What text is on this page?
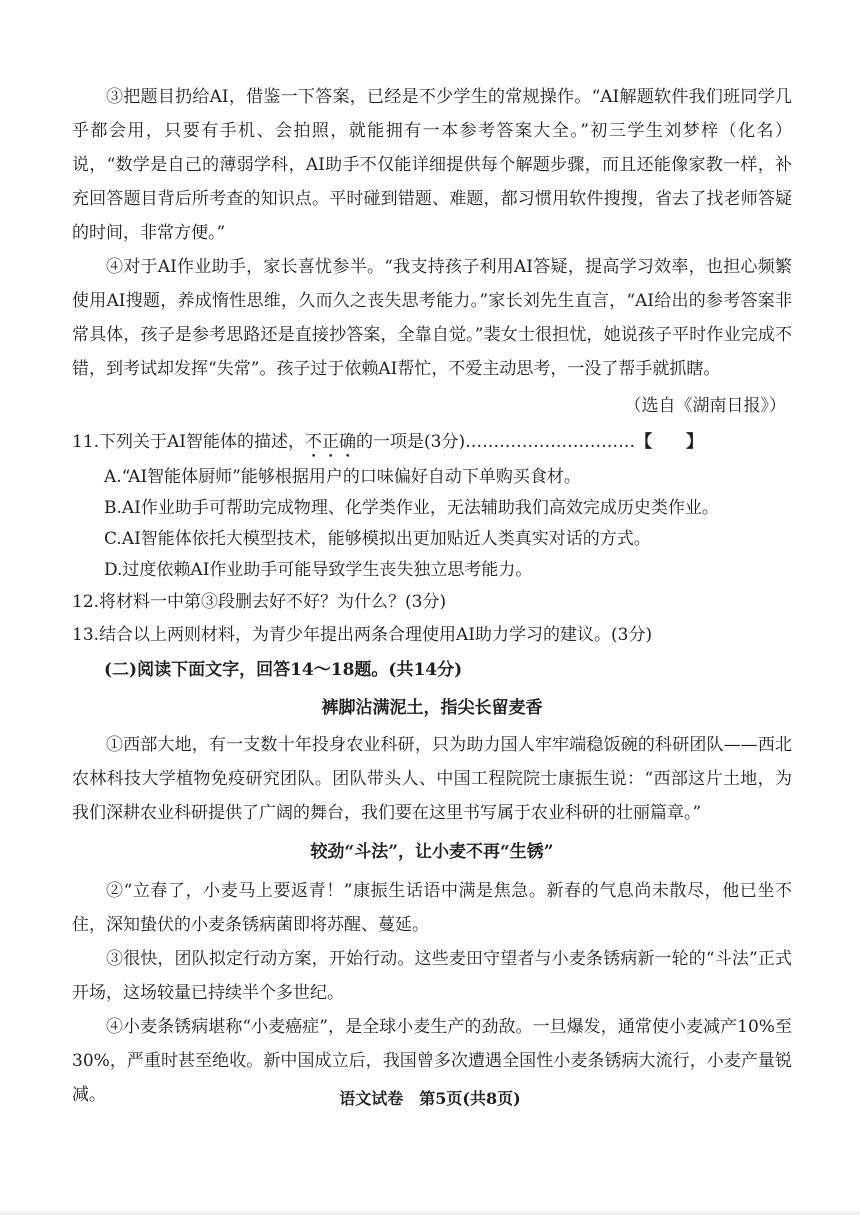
③把题目扔给AI，借鉴一下答案，已经是不少学生的常规操作。“AI解题软件我们班同学几乎都会用，只要有手机、会拍照，就能拥有一本参考答案大全。”初三学生刘梦梓（化名）说，“数学是自己的薄弱学科，AI助手不仅能详细提供每个解题步骤，而且还能像家教一样，补充回答题目背后所考查的知识点。平时碰到错题、难题，都习惯用软件搜搜，省去了找老师答疑的时间，非常方便。”

④对于AI作业助手，家长喜忧参半。“我支持孩子利用AI答疑，提高学习效率，也担心频繁使用AI搜题，养成惰性思维，久而久之丧失思考能力。”家长刘先生直言，“AI给出的参考答案非常具体，孩子是参考思路还是直接抄答案，全靠自觉。”裴女士很担忧，她说孩子平时作业完成不错，到考试却发挥“失常”。孩子过于依赖AI帮忙，不爱主动思考，一没了帮手就抓瞎。

（选自《湖南日报》）

11.下列关于AI智能体的描述，不正确的一项是(3分)…………………………【　　】

A.“AI智能体厨师”能够根据用户的口味偏好自动下单购买食材。

B.AI作业助手可帮助完成物理、化学类作业，无法辅助我们高效完成历史类作业。

C.AI智能体依托大模型技术，能够模拟出更加贴近人类真实对话的方式。

D.过度依赖AI作业助手可能导致学生丧失独立思考能力。

12.将材料一中第③段删去好不好？为什么？(3分)

13.结合以上两则材料，为青少年提出两条合理使用AI助力学习的建议。(3分)

(二)阅读下面文字，回答14～18题。(共14分)

裤脚沾满泥土，指尖长留麦香

①西部大地，有一支数十年投身农业科研，只为助力国人牢牢端稳饭碗的科研团队——西北农林科技大学植物免疫研究团队。团队带头人、中国工程院院士康振生说：“西部这片土地，为我们深耕农业科研提供了广阔的舞台，我们要在这里书写属于农业科研的壮丽篇章。”

较劲“斗法”，让小麦不再“生锈”

②“立春了，小麦马上要返青！”康振生话语中满是焦急。新春的气息尚未散尽，他已坐不住，深知蛰伏的小麦条锈病菌即将苏醒、蔓延。

③很快，团队拟定行动方案，开始行动。这些麦田守望者与小麦条锈病新一轮的“斗法”正式开场，这场较量已持续半个多世纪。

④小麦条锈病堪称“小麦癌症”，是全球小麦生产的劲敌。一旦爆发，通常使小麦减产10%至30%，严重时甚至绝收。新中国成立后，我国曾多次遭遇全国性小麦条锈病大流行，小麦产量锐减。	语文试卷　第5页(共8页)
